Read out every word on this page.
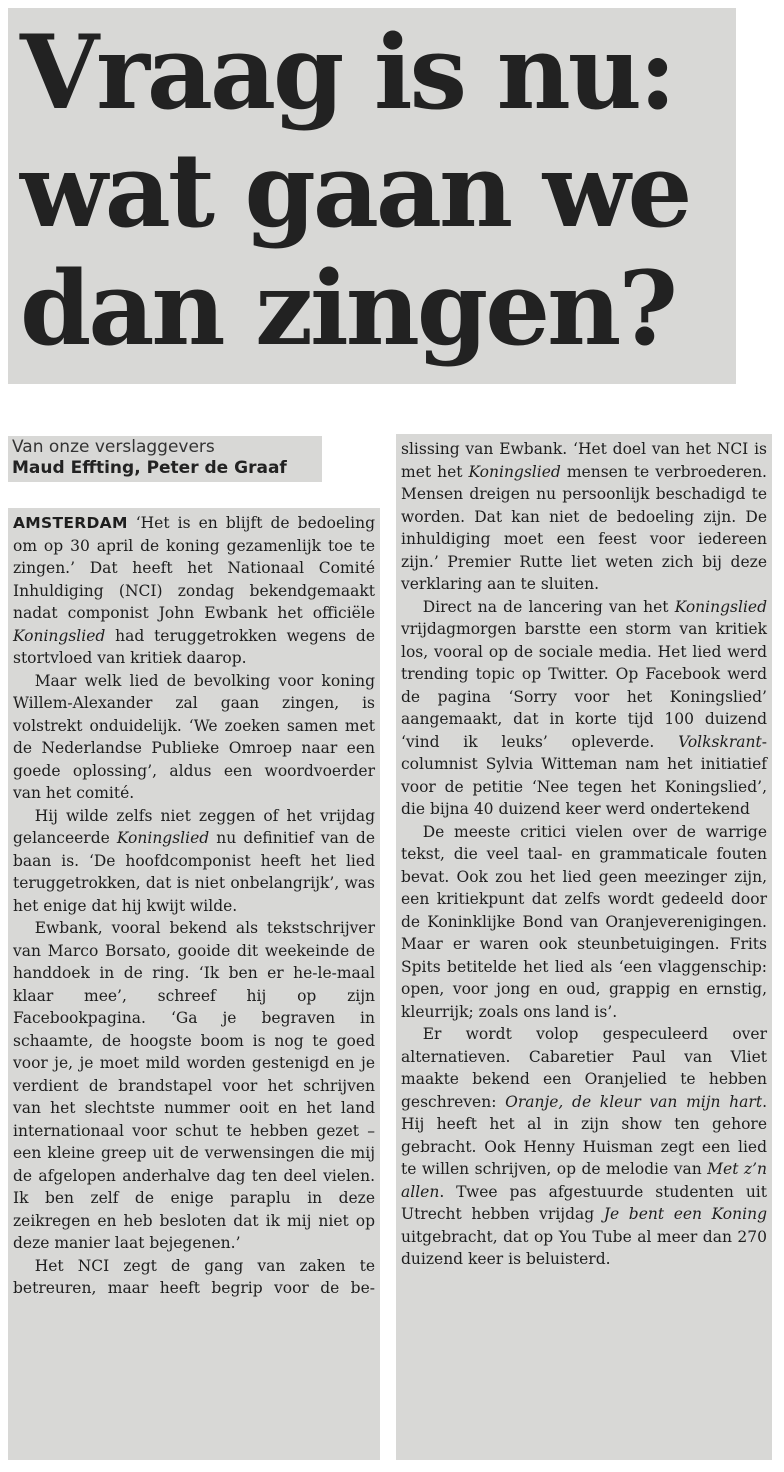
Vraag is nu:
wat gaan we
dan zingen?
Van onze verslaggevers
Maud Effting, Peter de Graaf

AMSTERDAM ‘Het is en blijft de bedoeling om op 30 april de koning gezamenlijk toe te zingen.’ Dat heeft het Nationaal Comité Inhuldiging (NCI) zondag bekendgemaakt nadat componist John Ewbank het officiële Koningslied had teruggetrokken wegens de stortvloed van kritiek daarop.

Maar welk lied de bevolking voor koning Willem-Alexander zal gaan zingen, is volstrekt onduidelijk. ‘We zoeken samen met de Nederlandse Publieke Omroep naar een goede oplossing’, aldus een woordvoerder van het comité.

Hij wilde zelfs niet zeggen of het vrijdag gelanceerde Koningslied nu definitief van de baan is. ‘De hoofdcomponist heeft het lied teruggetrokken, dat is niet onbelangrijk’, was het enige dat hij kwijt wilde.

Ewbank, vooral bekend als tekstschrijver van Marco Borsato, gooide dit weekeinde de handdoek in de ring. ‘Ik ben er he-le-maal klaar mee’, schreef hij op zijn Facebookpagina. ‘Ga je begraven in schaamte, de hoogste boom is nog te goed voor je, je moet mild worden gestenigd en je verdient de brandstapel voor het schrijven van het slechtste nummer ooit en het land internationaal voor schut te hebben gezet – een kleine greep uit de verwensingen die mij de afgelopen anderhalve dag ten deel vielen. Ik ben zelf de enige paraplu in deze zeikregen en heb besloten dat ik mij niet op deze manier laat bejegenen.’

Het NCI zegt de gang van zaken te betreuren, maar heeft begrip voor de be-

slissing van Ewbank. ‘Het doel van het NCI is met het Koningslied mensen te verbroederen. Mensen dreigen nu persoonlijk beschadigd te worden. Dat kan niet de bedoeling zijn. De inhuldiging moet een feest voor iedereen zijn.’ Premier Rutte liet weten zich bij deze verklaring aan te sluiten.

Direct na de lancering van het Koningslied vrijdagmorgen barstte een storm van kritiek los, vooral op de sociale media. Het lied werd trending topic op Twitter. Op Facebook werd de pagina ‘Sorry voor het Koningslied’ aangemaakt, dat in korte tijd 100 duizend ‘vind ik leuks’ opleverde. Volkskrant-columnist Sylvia Witteman nam het initiatief voor de petitie ‘Nee tegen het Koningslied’, die bijna 40 duizend keer werd ondertekend

De meeste critici vielen over de warrige tekst, die veel taal- en grammaticale fouten bevat. Ook zou het lied geen meezinger zijn, een kritiekpunt dat zelfs wordt gedeeld door de Koninklijke Bond van Oranjeverenigingen. Maar er waren ook steunbetuigingen. Frits Spits betitelde het lied als ‘een vlaggenschip: open, voor jong en oud, grappig en ernstig, kleurrijk; zoals ons land is’.

Er wordt volop gespeculeerd over alternatieven. Cabaretier Paul van Vliet maakte bekend een Oranjelied te hebben geschreven: Oranje, de kleur van mijn hart. Hij heeft het al in zijn show ten gehore gebracht. Ook Henny Huisman zegt een lied te willen schrijven, op de melodie van Met z’n allen. Twee pas afgestuurde studenten uit Utrecht hebben vrijdag Je bent een Koning uitgebracht, dat op You Tube al meer dan 270 duizend keer is beluisterd.
